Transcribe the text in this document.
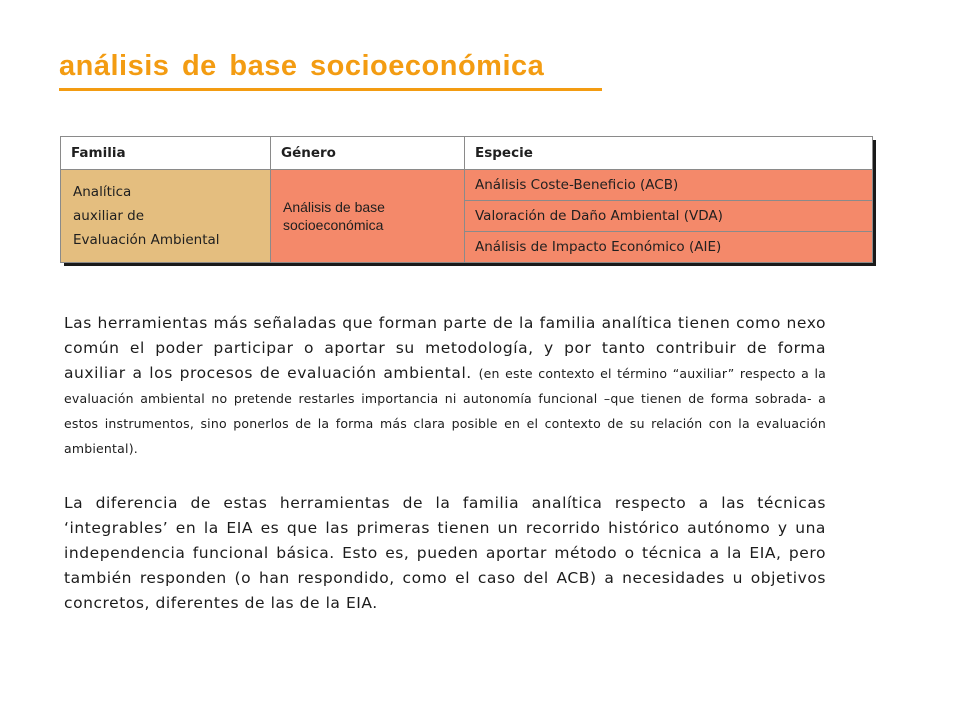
análisis de base socioeconómica
Familia	Género	Especie

Analítica
auxiliar de
Evaluación Ambiental	Análisis de base socioeconómica	Análisis Coste-Beneficio (ACB)
		Valoración de Daño Ambiental (VDA)
		Análisis de Impacto Económico (AIE)

Las herramientas más señaladas que forman parte de la familia analítica tienen como nexo común el poder participar o aportar su metodología, y por tanto contribuir de forma auxiliar a los procesos de evaluación ambiental. (en este contexto el término “auxiliar” respecto a la evaluación ambiental no pretende restarles importancia ni autonomía funcional –que tienen de forma sobrada- a estos instrumentos, sino ponerlos de la forma más clara posible en el contexto de su relación con la evaluación ambiental).

La diferencia de estas herramientas de la familia analítica respecto a las técnicas ‘integrables’ en la EIA es que las primeras tienen un recorrido histórico autónomo y una independencia funcional básica. Esto es, pueden aportar método o técnica a la EIA, pero también responden (o han respondido, como el caso del ACB) a necesidades u objetivos concretos, diferentes de las de la EIA.
